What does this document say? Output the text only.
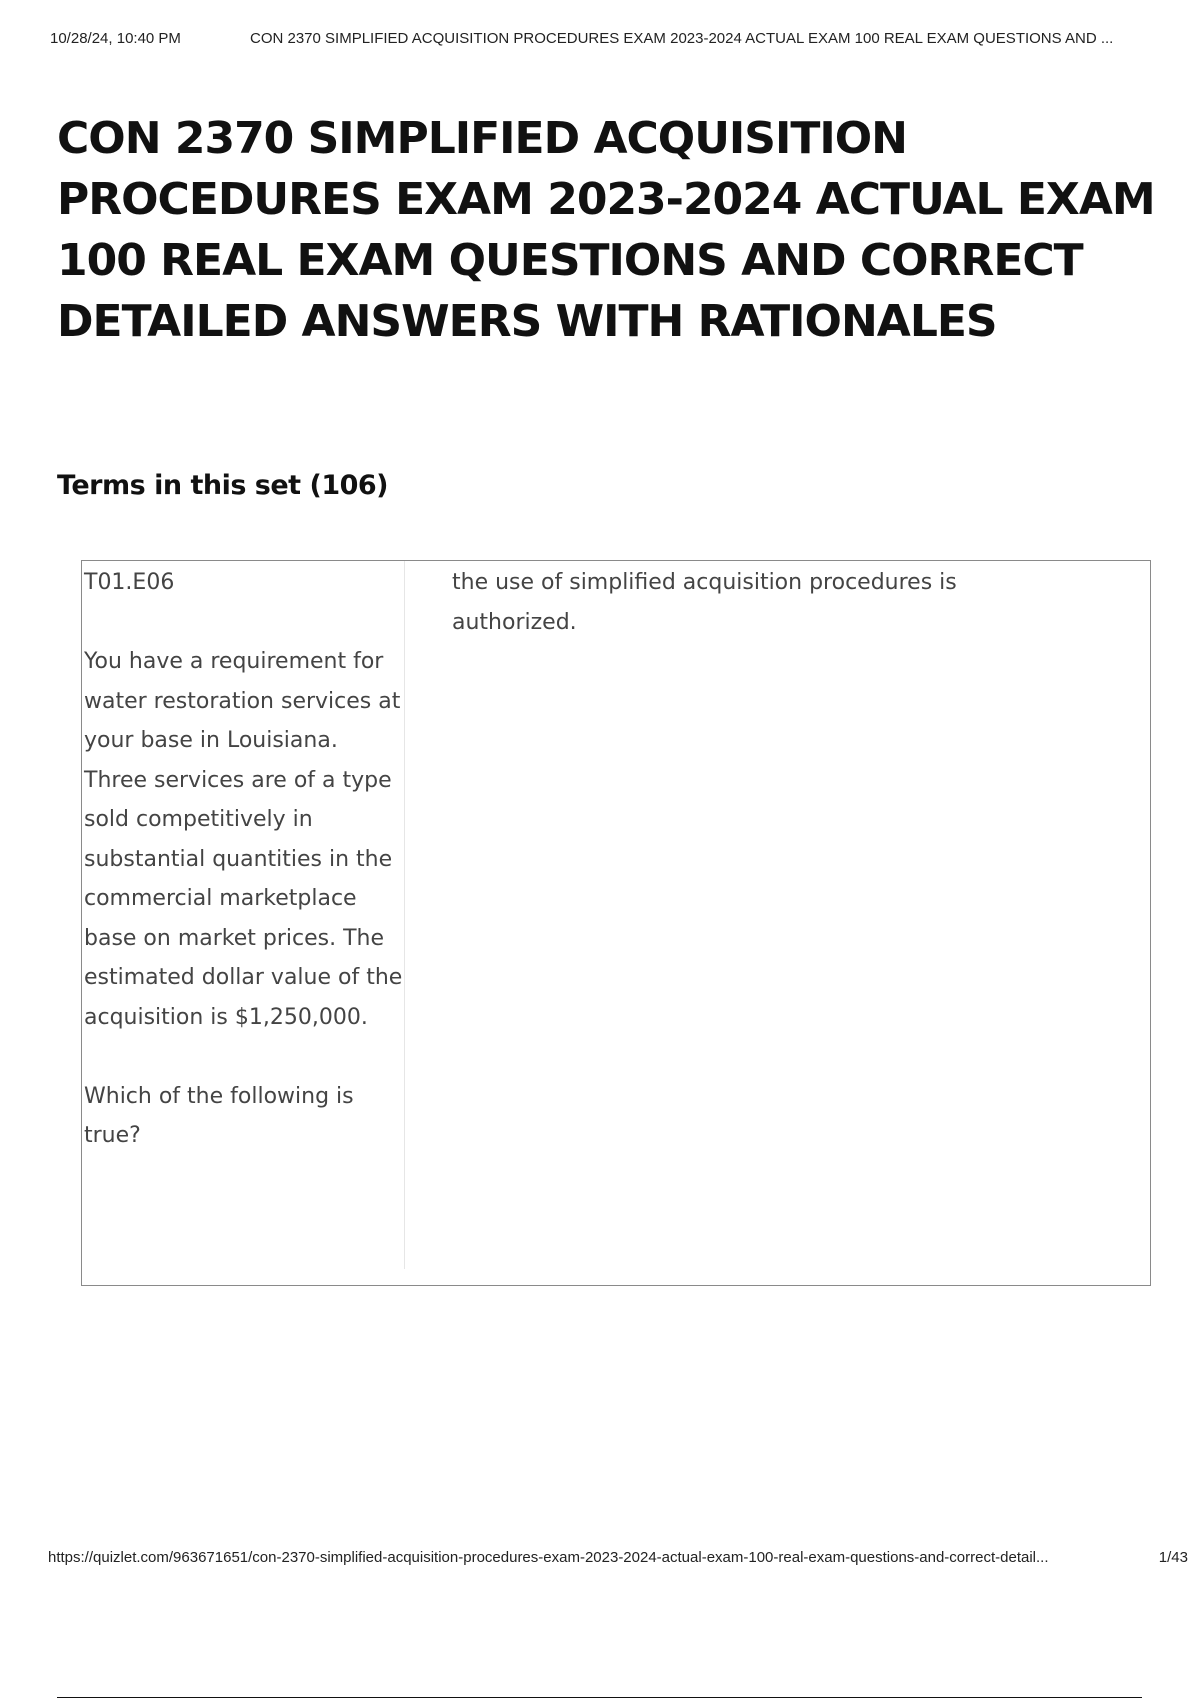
10/28/24, 10:40 PM	CON 2370 SIMPLIFIED ACQUISITION PROCEDURES EXAM 2023-2024 ACTUAL EXAM 100 REAL EXAM QUESTIONS AND ...
CON 2370 SIMPLIFIED ACQUISITION PROCEDURES EXAM 2023-2024 ACTUAL EXAM 100 REAL EXAM QUESTIONS AND CORRECT DETAILED ANSWERS WITH RATIONALES
Terms in this set (106)

T01.E06

You have a requirement for water restoration services at your base in Louisiana. Three services are of a type sold competitively in substantial quantities in the commercial marketplace base on market prices. The estimated dollar value of the acquisition is $1,250,000.

Which of the following is true?

the use of simplified acquisition procedures is authorized.
https://quizlet.com/963671651/con-2370-simplified-acquisition-procedures-exam-2023-2024-actual-exam-100-real-exam-questions-and-correct-detail...	1/43
